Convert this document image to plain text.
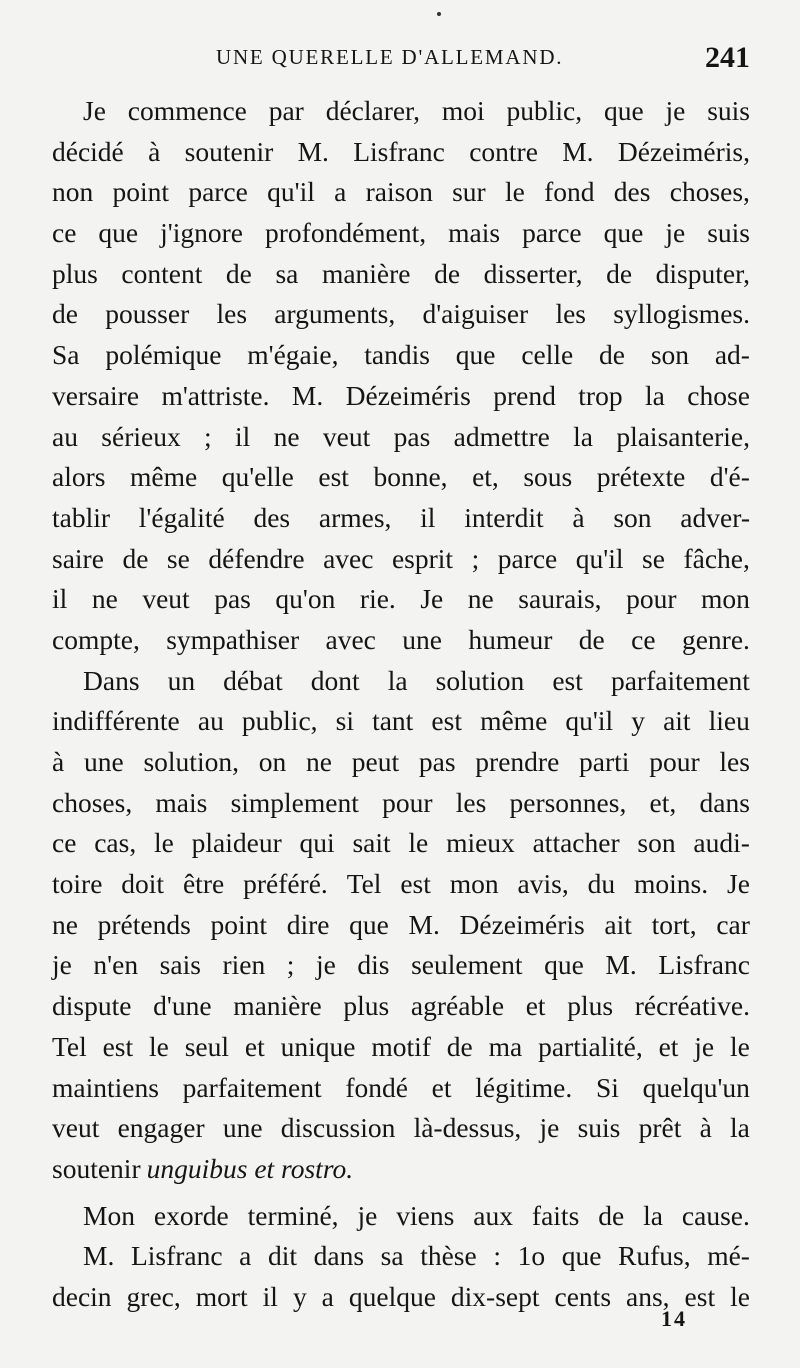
UNE QUERELLE D'ALLEMAND.	241
Je commence par déclarer, moi public, que je suis
décidé à soutenir M. Lisfranc contre M. Dézeiméris,
non point parce qu'il a raison sur le fond des choses,
ce que j'ignore profondément, mais parce que je suis
plus content de sa manière de disserter, de disputer,
de pousser les arguments, d'aiguiser les syllogismes.
Sa polémique m'égaie, tandis que celle de son ad-
versaire m'attriste. M. Dézeiméris prend trop la chose
au sérieux ; il ne veut pas admettre la plaisanterie,
alors même qu'elle est bonne, et, sous prétexte d'é-
tablir l'égalité des armes, il interdit à son adver-
saire de se défendre avec esprit ; parce qu'il se fâche,
il ne veut pas qu'on rie. Je ne saurais, pour mon
compte, sympathiser avec une humeur de ce genre.
Dans un débat dont la solution est parfaitement
indifférente au public, si tant est même qu'il y ait lieu
à une solution, on ne peut pas prendre parti pour les
choses, mais simplement pour les personnes, et, dans
ce cas, le plaideur qui sait le mieux attacher son audi-
toire doit être préféré. Tel est mon avis, du moins. Je
ne prétends point dire que M. Dézeiméris ait tort, car
je n'en sais rien ; je dis seulement que M. Lisfranc
dispute d'une manière plus agréable et plus récréative.
Tel est le seul et unique motif de ma partialité, et je le
maintiens parfaitement fondé et légitime. Si quelqu'un
veut engager une discussion là-dessus, je suis prêt à la
soutenir unguibus et rostro.
Mon exorde terminé, je viens aux faits de la cause.
M. Lisfranc a dit dans sa thèse : 1o que Rufus, mé-
decin grec, mort il y a quelque dix-sept cents ans, est le
14
